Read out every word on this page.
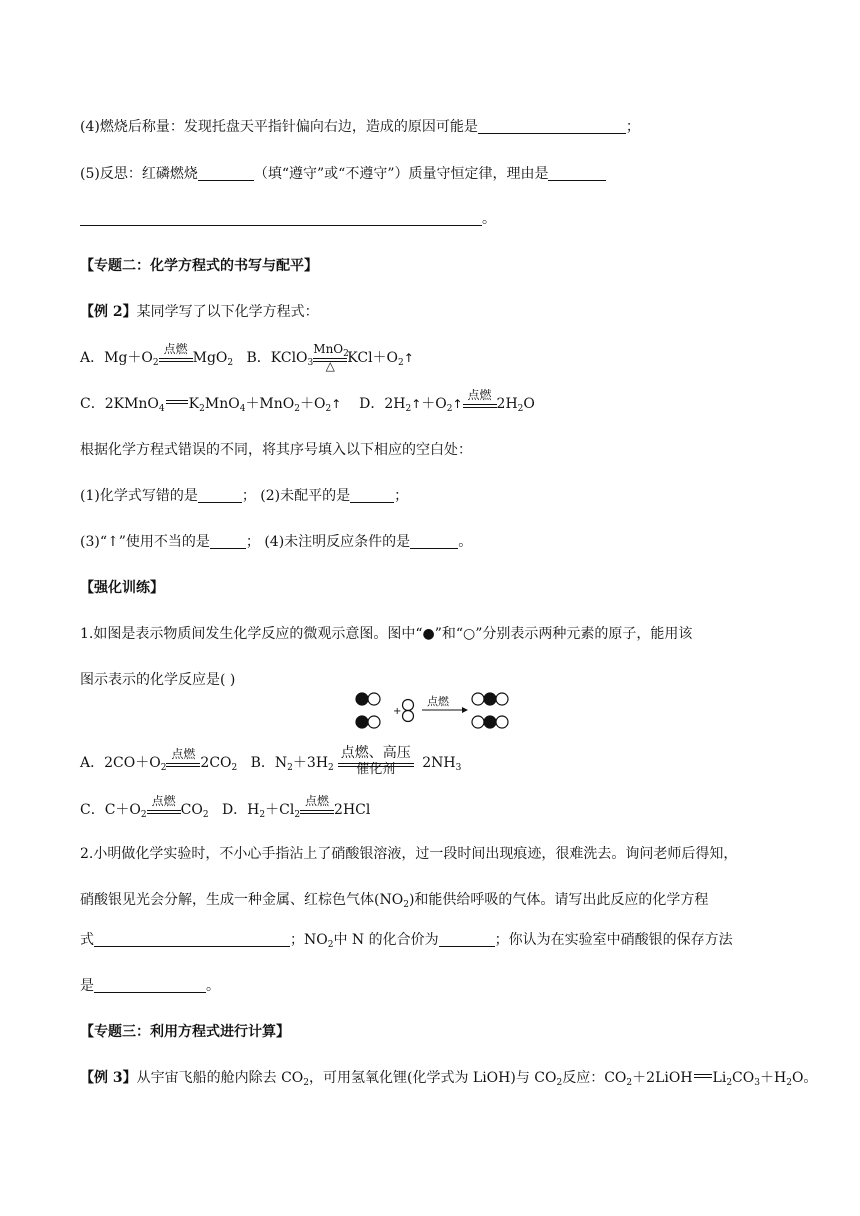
(4)燃烧后称量：发现托盘天平指针偏向右边，造成的原因可能是	；
(5)反思：红磷燃烧	（填“遵守”或“不遵守”）质量守恒定律，理由是
。
【专题二：化学方程式的书写与配平】
【例 2】某同学写了以下化学方程式：
A．$Mg+O_2$
点燃
MgO$_2$ B．KClO$_3$
MnO$_2$
△ $KCl+O_2↑$
C．2KMnO$_4$ $K_2MnO_4+MnO_2+O_2↑$ D．$2H_2↑+O_2↑$
点燃
$2H_2O$
根据化学方程式错误的不同，将其序号填入以下相应的空白处：
(1)化学式写错的是	； (2)未配平的是	；
(3)“↑”使用不当的是	； (4)未注明反应条件的是	。
【强化训练】
1.如图是表示物质间发生化学反应的微观示意图。图中“●”和“○”分别表示两种元素的原子，能用该
图示表示的化学反应是( )
+
点燃
A．$2CO+O_2$
点燃
$2CO_2$ B．$N_2+3H_2$
点燃、高压
催化剂	$2NH_3$
C．$C+O_2$
点燃
$CO_2$ D．$H_2+Cl_2$
点燃
2HCl
2.小明做化学实验时，不小心手指沾上了硝酸银溶液，过一段时间出现痕迹，很难洗去。询问老师后得知，
硝酸银见光会分解，生成一种金属、红棕色气体$(NO_2)$和能供给呼吸的气体。请写出此反应的化学方程
式	；$NO_2$中 N 的化合价为	；你认为在实验室中硝酸银的保存方法
是	。
【专题三：利用方程式进行计算】
【例 3】从宇宙飞船的舱内除去 $CO_2$，可用氢氧化锂(化学式为 LiOH)与 $CO_2$反应：$CO_2+2LiOH$ $Li_2CO_3+H_2O$。
